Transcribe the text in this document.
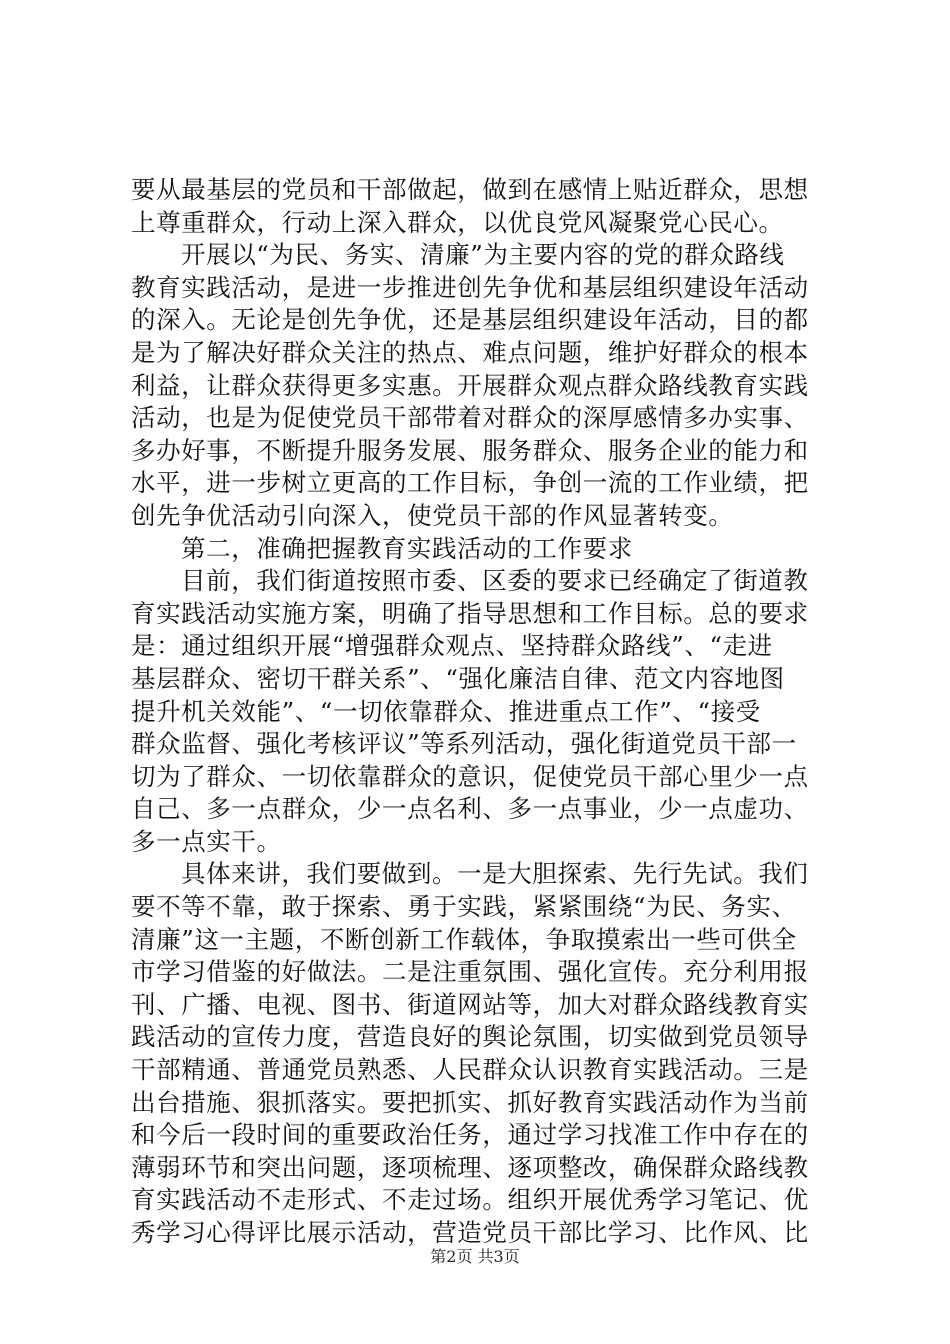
要从最基层的党员和干部做起，做到在感情上贴近群众，思想
上尊重群众，行动上深入群众，以优良党风凝聚党心民心。
开展以“为民、务实、清廉”为主要内容的党的群众路线
教育实践活动，是进一步推进创先争优和基层组织建设年活动
的深入。无论是创先争优，还是基层组织建设年活动，目的都
是为了解决好群众关注的热点、难点问题，维护好群众的根本
利益，让群众获得更多实惠。开展群众观点群众路线教育实践
活动，也是为促使党员干部带着对群众的深厚感情多办实事、
多办好事，不断提升服务发展、服务群众、服务企业的能力和
水平，进一步树立更高的工作目标，争创一流的工作业绩，把
创先争优活动引向深入，使党员干部的作风显著转变。
第二，准确把握教育实践活动的工作要求
目前，我们街道按照市委、区委的要求已经确定了街道教
育实践活动实施方案，明确了指导思想和工作目标。总的要求
是：通过组织开展“增强群众观点、坚持群众路线”、“走进
基层群众、密切干群关系”、“强化廉洁自律、范文内容地图
提升机关效能”、“一切依靠群众、推进重点工作”、“接受
群众监督、强化考核评议”等系列活动，强化街道党员干部一
切为了群众、一切依靠群众的意识，促使党员干部心里少一点
自己、多一点群众，少一点名利、多一点事业，少一点虚功、
多一点实干。
具体来讲，我们要做到。一是大胆探索、先行先试。我们
要不等不靠，敢于探索、勇于实践，紧紧围绕“为民、务实、
清廉”这一主题，不断创新工作载体，争取摸索出一些可供全
市学习借鉴的好做法。二是注重氛围、强化宣传。充分利用报
刊、广播、电视、图书、街道网站等，加大对群众路线教育实
践活动的宣传力度，营造良好的舆论氛围，切实做到党员领导
干部精通、普通党员熟悉、人民群众认识教育实践活动。三是
出台措施、狠抓落实。要把抓实、抓好教育实践活动作为当前
和今后一段时间的重要政治任务，通过学习找准工作中存在的
薄弱环节和突出问题，逐项梳理、逐项整改，确保群众路线教
育实践活动不走形式、不走过场。组织开展优秀学习笔记、优
秀学习心得评比展示活动，营造党员干部比学习、比作风、比
第2页 共3页
